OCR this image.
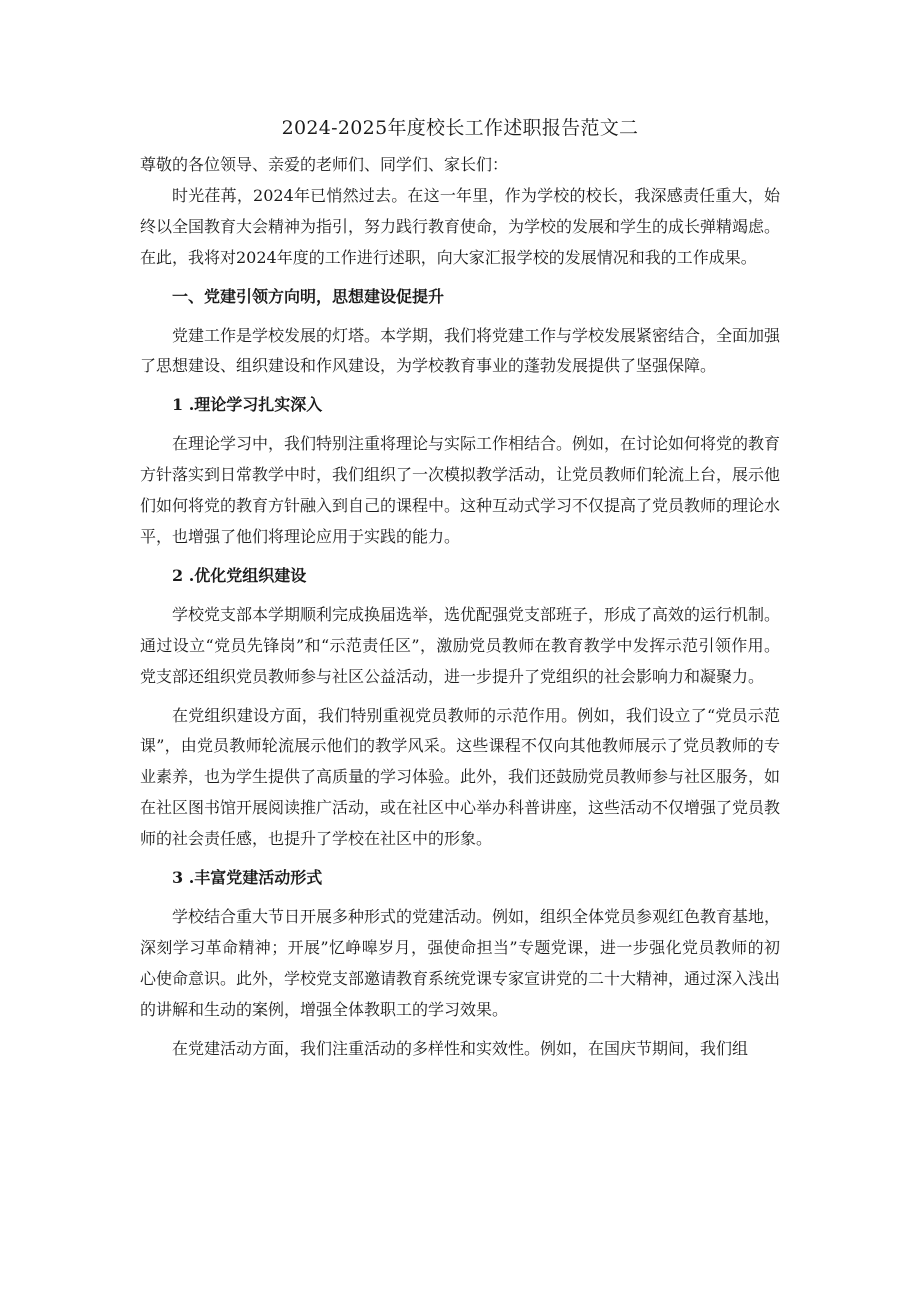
2024-2025年度校长工作述职报告范文二

尊敬的各位领导、亲爱的老师们、同学们、家长们：

时光荏苒，2024年已悄然过去。在这一年里，作为学校的校长，我深感责任重大，始终以全国教育大会精神为指引，努力践行教育使命，为学校的发展和学生的成长弹精竭虑。在此，我将对2024年度的工作进行述职，向大家汇报学校的发展情况和我的工作成果。

一、党建引领方向明，思想建设促提升

党建工作是学校发展的灯塔。本学期，我们将党建工作与学校发展紧密结合，全面加强了思想建设、组织建设和作风建设，为学校教育事业的蓬勃发展提供了坚强保障。

1 .理论学习扎实深入

在理论学习中，我们特别注重将理论与实际工作相结合。例如，在讨论如何将党的教育方针落实到日常教学中时，我们组织了一次模拟教学活动，让党员教师们轮流上台，展示他们如何将党的教育方针融入到自己的课程中。这种互动式学习不仅提高了党员教师的理论水平，也增强了他们将理论应用于实践的能力。

2 .优化党组织建设

学校党支部本学期顺利完成换届选举，选优配强党支部班子，形成了高效的运行机制。通过设立“党员先锋岗”和“示范责任区”，激励党员教师在教育教学中发挥示范引领作用。党支部还组织党员教师参与社区公益活动，进一步提升了党组织的社会影响力和凝聚力。

在党组织建设方面，我们特别重视党员教师的示范作用。例如，我们设立了“党员示范课”，由党员教师轮流展示他们的教学风采。这些课程不仅向其他教师展示了党员教师的专业素养，也为学生提供了高质量的学习体验。此外，我们还鼓励党员教师参与社区服务，如在社区图书馆开展阅读推广活动，或在社区中心举办科普讲座，这些活动不仅增强了党员教师的社会责任感，也提升了学校在社区中的形象。

3 .丰富党建活动形式

学校结合重大节日开展多种形式的党建活动。例如，组织全体党员参观红色教育基地，深刻学习革命精神；开展”忆峥嗥岁月，强使命担当”专题党课，进一步强化党员教师的初心使命意识。此外，学校党支部邀请教育系统党课专家宣讲党的二十大精神，通过深入浅出的讲解和生动的案例，增强全体教职工的学习效果。

在党建活动方面，我们注重活动的多样性和实效性。例如，在国庆节期间，我们组
